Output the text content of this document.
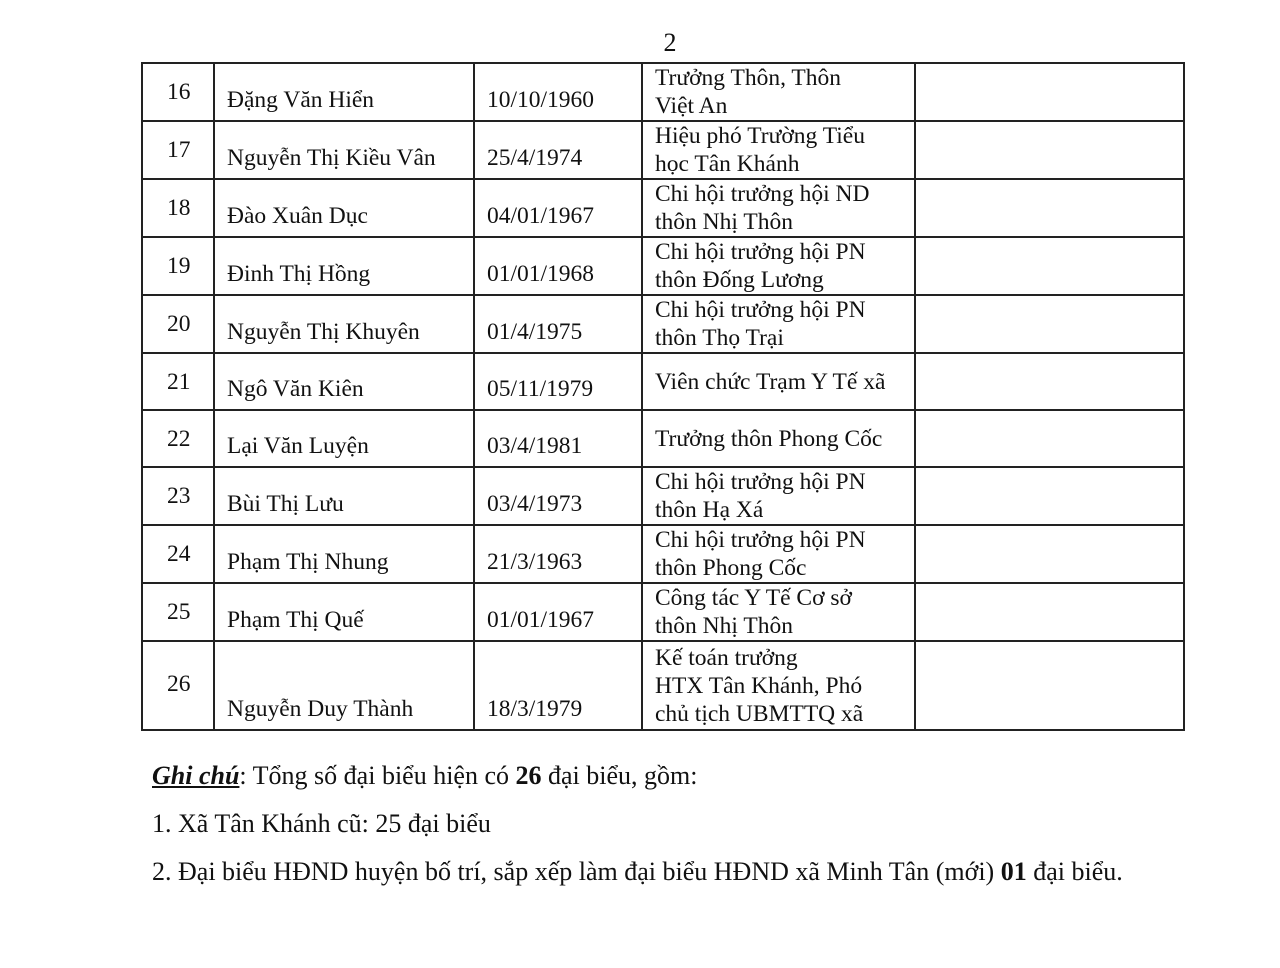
2
16	Đặng Văn Hiển	10/10/1960	Trưởng Thôn, Thôn
Việt An	

17	Nguyễn Thị Kiều Vân	25/4/1974	Hiệu phó Trường Tiểu
học Tân Khánh	

18	Đào Xuân Dục	04/01/1967	Chi hội trưởng hội ND
thôn Nhị Thôn	

19	Đinh Thị Hồng	01/01/1968	Chi hội trưởng hội PN
thôn Đống Lương	

20	Nguyễn Thị Khuyên	01/4/1975	Chi hội trưởng hội PN
thôn Thọ Trại	

21	Ngô Văn Kiên	05/11/1979	Viên chức Trạm Y Tế xã	

22	Lại Văn Luyện	03/4/1981	Trưởng thôn Phong Cốc	

23	Bùi Thị Lưu	03/4/1973	Chi hội trưởng hội PN
thôn Hạ Xá	

24	Phạm Thị Nhung	21/3/1963	Chi hội trưởng hội PN
thôn Phong Cốc	

25	Phạm Thị Quế	01/01/1967	Công tác Y Tế Cơ sở
thôn Nhị Thôn	

26	Nguyễn Duy Thành	18/3/1979	Kế toán trưởng
HTX Tân Khánh, Phó
chủ tịch UBMTTQ xã	

Ghi chú: Tổng số đại biểu hiện có 26 đại biểu, gồm:

1. Xã Tân Khánh cũ: 25 đại biểu

2. Đại biểu HĐND huyện bố trí, sắp xếp làm đại biểu HĐND xã Minh Tân (mới) 01 đại biểu.
